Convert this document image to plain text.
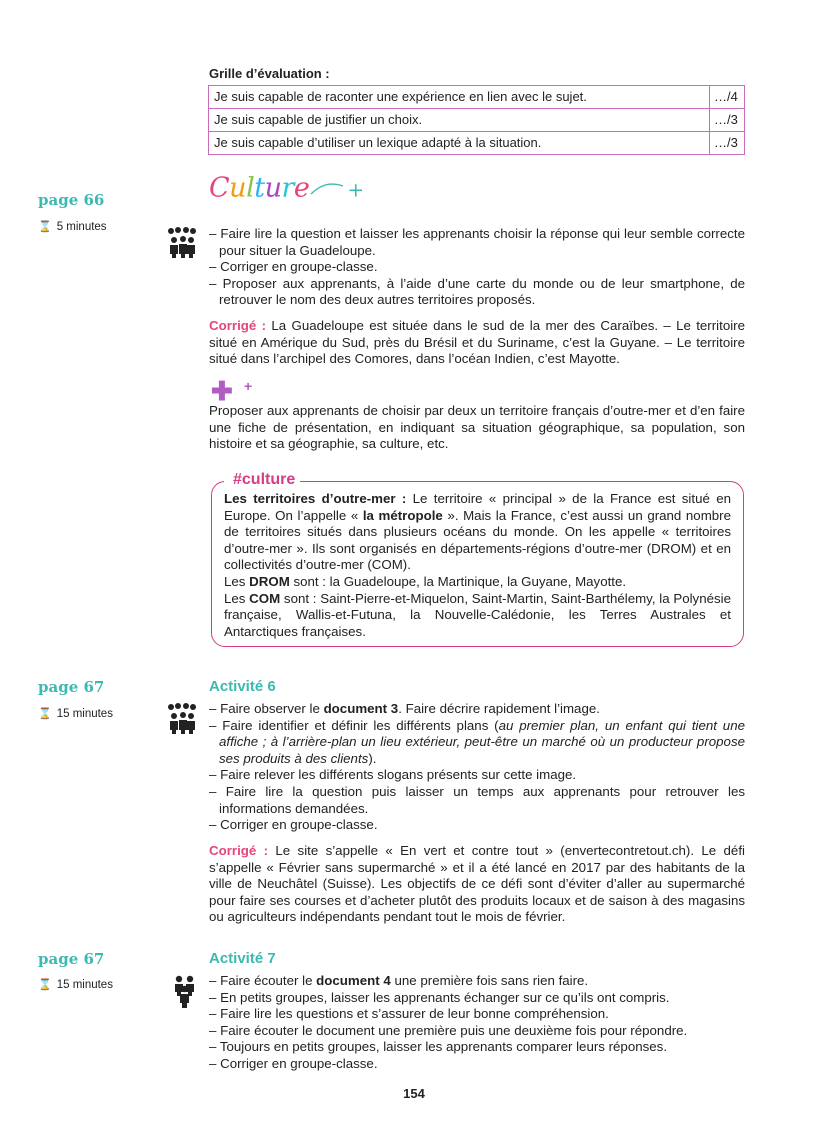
Grille d’évaluation :
Je suis capable de raconter une expérience en lien avec le sujet.	…/4
Je suis capable de justifier un choix.	…/3
Je suis capable d’utiliser un lexique adapté à la situation.	…/3
page 66
⌛ 5 minutes
Culture +
– Faire lire la question et laisser les apprenants choisir la réponse qui leur semble correcte pour situer la Guadeloupe.
– Corriger en groupe-classe.
– Proposer aux apprenants, à l’aide d’une carte du monde ou de leur smartphone, de retrouver le nom des deux autres territoires proposés.
Corrigé : La Guadeloupe est située dans le sud de la mer des Caraïbes. – Le territoire situé en Amérique du Sud, près du Brésil et du Suriname, c’est la Guyane. – Le territoire situé dans l’archipel des Comores, dans l’océan Indien, c’est Mayotte.
✚ +
Proposer aux apprenants de choisir par deux un territoire français d’outre-mer et d’en faire une fiche de présentation, en indiquant sa situation géographique, sa population, son histoire et sa géographie, sa culture, etc.
#culture
Les territoires d’outre-mer : Le territoire « principal » de la France est situé en Europe. On l’appelle « la métropole ». Mais la France, c’est aussi un grand nombre de territoires situés dans plusieurs océans du monde. On les appelle « territoires d’outre-mer ». Ils sont organisés en départements-régions d’outre-mer (DROM) et en collectivités d’outre-mer (COM).
Les DROM sont : la Guadeloupe, la Martinique, la Guyane, Mayotte.
Les COM sont : Saint-Pierre-et-Miquelon, Saint-Martin, Saint-Barthélemy, la Polynésie française, Wallis-et-Futuna, la Nouvelle-Calédonie, les Terres Australes et Antarctiques françaises.
page 67
⌛ 15 minutes
Activité 6
– Faire observer le document 3. Faire décrire rapidement l’image.
– Faire identifier et définir les différents plans (au premier plan, un enfant qui tient une affiche ; à l’arrière-plan un lieu extérieur, peut-être un marché où un producteur propose ses produits à des clients).
– Faire relever les différents slogans présents sur cette image.
– Faire lire la question puis laisser un temps aux apprenants pour retrouver les informations demandées.
– Corriger en groupe-classe.
Corrigé : Le site s’appelle « En vert et contre tout » (envertecontretout.ch). Le défi s’appelle « Février sans supermarché » et il a été lancé en 2017 par des habitants de la ville de Neuchâtel (Suisse). Les objectifs de ce défi sont d’éviter d’aller au supermarché pour faire ses courses et d’acheter plutôt des produits locaux et de saison à des magasins ou agriculteurs indépendants pendant tout le mois de février.
page 67
⌛ 15 minutes
Activité 7
– Faire écouter le document 4 une première fois sans rien faire.
– En petits groupes, laisser les apprenants échanger sur ce qu’ils ont compris.
– Faire lire les questions et s’assurer de leur bonne compréhension.
– Faire écouter le document une première puis une deuxième fois pour répondre.
– Toujours en petits groupes, laisser les apprenants comparer leurs réponses.
– Corriger en groupe-classe.
154
